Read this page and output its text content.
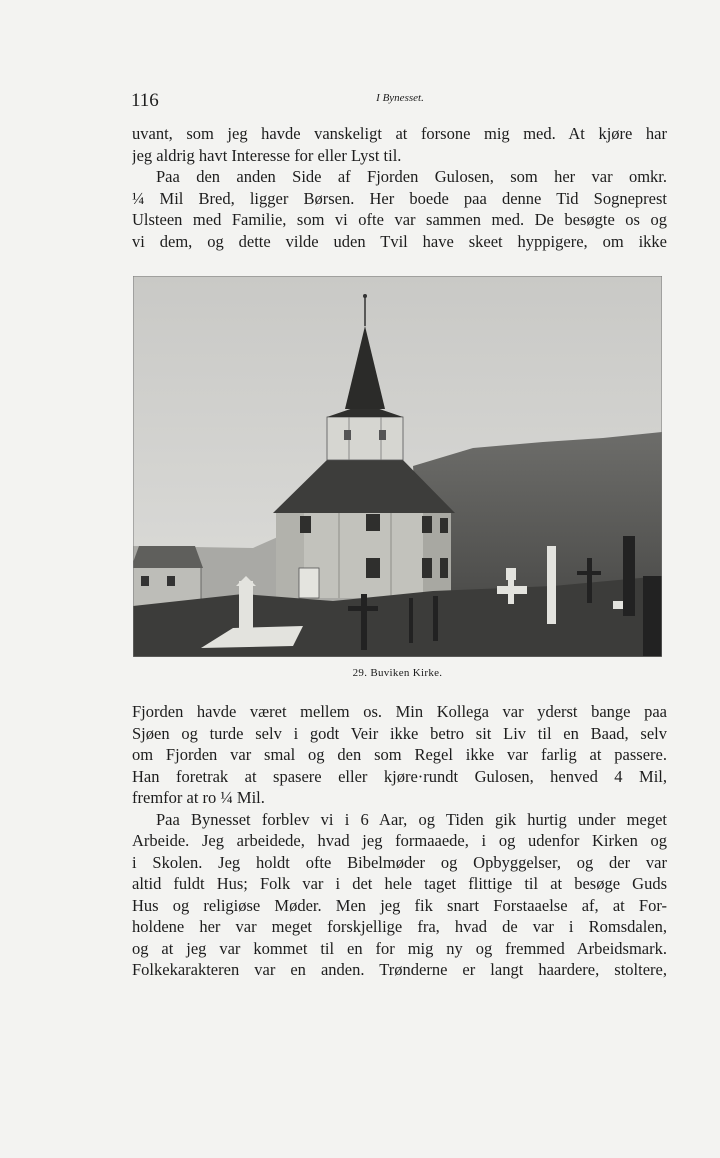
116	I Bynesset.
uvant, som jeg havde vanskeligt at forsone mig med. At kjøre har
jeg aldrig havt Interesse for eller Lyst til.
Paa den anden Side af Fjorden Gulosen, som her var omkr.
¼ Mil Bred, ligger Børsen. Her boede paa denne Tid Sogneprest
Ulsteen med Familie, som vi ofte var sammen med. De besøgte os og
vi dem, og dette vilde uden Tvil have skeet hyppigere, om ikke
29. Buviken Kirke.
Fjorden havde været mellem os. Min Kollega var yderst bange paa
Sjøen og turde selv i godt Veir ikke betro sit Liv til en Baad, selv
om Fjorden var smal og den som Regel ikke var farlig at passere.
Han foretrak at spasere eller kjøre·rundt Gulosen, henved 4 Mil,
fremfor at ro ¼ Mil.
Paa Bynesset forblev vi i 6 Aar, og Tiden gik hurtig under meget
Arbeide. Jeg arbeidede, hvad jeg formaaede, i og udenfor Kirken og
i Skolen. Jeg holdt ofte Bibelmøder og Opbyggelser, og der var
altid fuldt Hus; Folk var i det hele taget flittige til at besøge Guds
Hus og religiøse Møder. Men jeg fik snart Forstaaelse af, at For-
holdene her var meget forskjellige fra, hvad de var i Romsdalen,
og at jeg var kommet til en for mig ny og fremmed Arbeidsmark.
Folkekarakteren var en anden. Trønderne er langt haardere, stoltere,
